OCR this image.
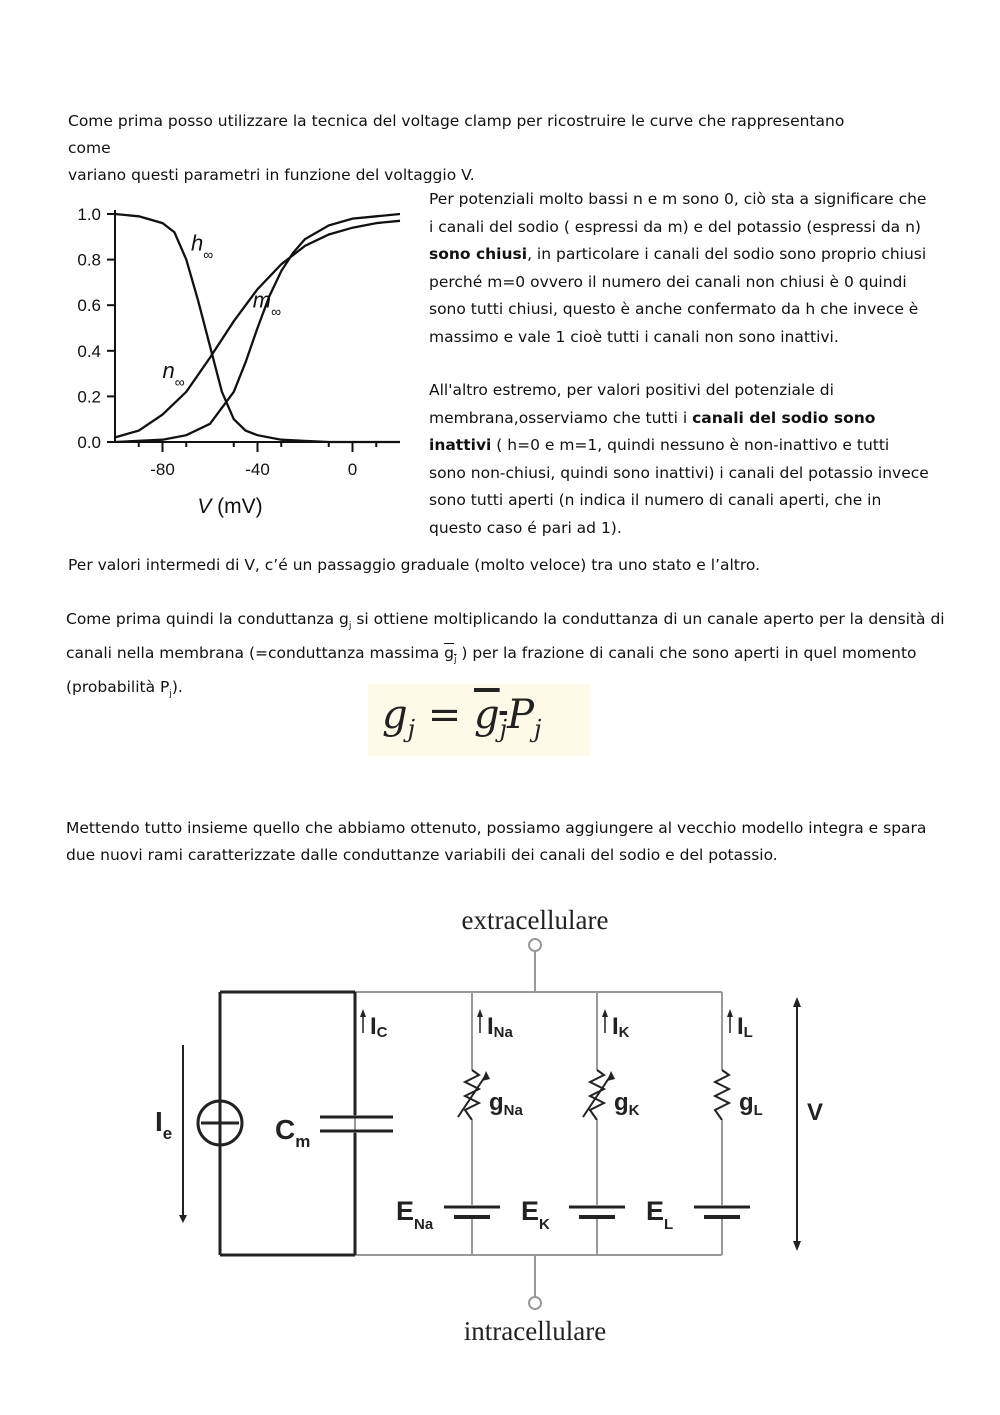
Come prima posso utilizzare la tecnica del voltage clamp per ricostruire le curve che rappresentano come
variano questi parametri in funzione del voltaggio V.
0.0
0.2
0.4
0.6
0.8
1.0
-80	-40	0
V (mV)
$h_\infty$
$n_\infty$
$m_\infty$

Per potenziali molto bassi n e m sono 0, ciò sta a significare che i canali del sodio ( espressi da m) e del potassio (espressi da n) sono chiusi, in particolare i canali del sodio sono proprio chiusi perché m=0 ovvero il numero dei canali non chiusi è 0 quindi sono tutti chiusi, questo è anche confermato da h che invece è massimo e vale 1 cioè tutti i canali non sono inattivi.

All'altro estremo, per valori positivi del potenziale di membrana,osserviamo che tutti i canali del sodio sono inattivi ( h=0 e m=1, quindi nessuno è non-inattivo e tutti sono non-chiusi, quindi sono inattivi) i canali del potassio invece sono tutti aperti (n indica il numero di canali aperti, che in questo caso é pari ad 1).

Per valori intermedi di V, c’é un passaggio graduale (molto veloce) tra uno stato e l’altro.
Come prima quindi la conduttanza $g_j$ si ottiene moltiplicando la conduttanza di un canale aperto per la densità di canali nella membrana (=conduttanza massima $g_j$ ) per la frazione di canali che sono aperti in quel momento (probabilità $P_j$).
$g_j = g_jP_j$
Mettendo tutto insieme quello che abbiamo ottenuto, possiamo aggiungere al vecchio modello integra e spara due nuovi rami caratterizzate dalle conduttanze variabili dei canali del sodio e del potassio.
extracellulare
intracellulare
$I_e$	$C_m$
V
$g_{Na}$
$E_{Na}$
$g_K$
$E_K$
$g_L$
$E_L$
IC	INa	IK	IL
